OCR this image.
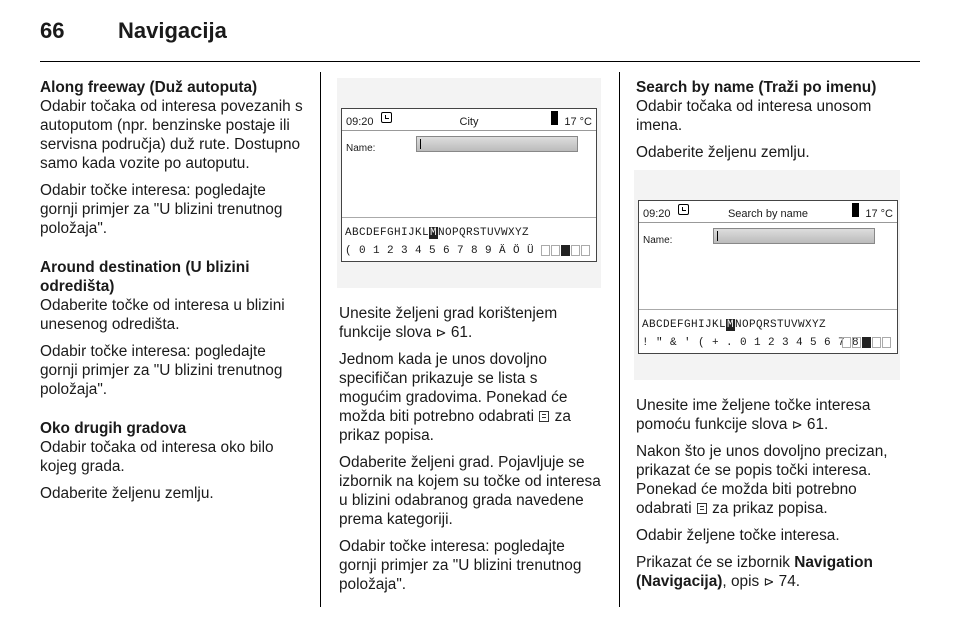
66 Navigacija

Along freeway (Duž autoputa)

Odabir točaka od interesa povezanih s autoputom (npr. benzinske postaje ili servisna područja) duž rute. Dostupno samo kada vozite po autoputu.

Odabir točke interesa: pogledajte gornji primjer za "U blizini trenutnog položaja".

Around destination (U blizini odredišta)

Odaberite točke od interesa u blizini unesenog odredišta.

Odabir točke interesa: pogledajte gornji primjer za "U blizini trenutnog položaja".

Oko drugih gradova

Odabir točaka od interesa oko bilo kojeg grada.

Odaberite željenu zemlju.

09:20	City	17 °C
Name:
ABCDEFGHIJKLMNOPQRSTUVWXYZ
( 0 1 2 3 4 5 6 7 8 9 Ä Ö Ü

Unesite željeni grad korištenjem funkcije slova ⊳ 61.

Jednom kada je unos dovoljno specifičan prikazuje se lista s mogućim gradovima. Ponekad će možda biti potrebno odabrati  za prikaz popisa.

Odaberite željeni grad. Pojavljuje se izbornik na kojem su točke od interesa u blizini odabranog grada navedene prema kategoriji.

Odabir točke interesa: pogledajte gornji primjer za "U blizini trenutnog položaja".

Search by name (Traži po imenu)

Odabir točaka od interesa unosom imena.

Odaberite željenu zemlju.

09:20	Search by name	17 °C
Name:
ABCDEFGHIJKLMNOPQRSTUVWXYZ
! " & ' ( + . 0 1 2 3 4 5 6 7 8

Unesite ime željene točke interesa pomoću funkcije slova ⊳ 61.

Nakon što je unos dovoljno precizan, prikazat će se popis točki interesa. Ponekad će možda biti potrebno odabrati  za prikaz popisa.

Odabir željene točke interesa.

Prikazat će se izbornik Navigation (Navigacija), opis ⊳ 74.
